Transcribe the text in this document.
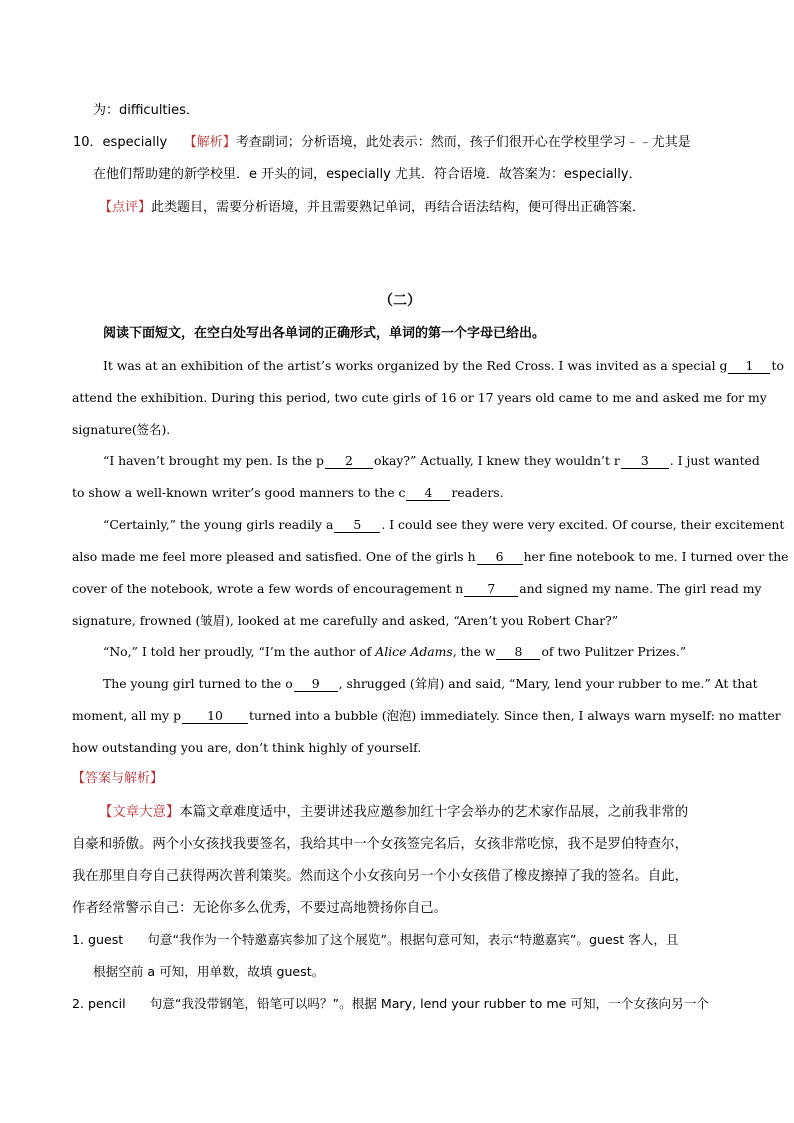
为：difficulties．
10．especially 【解析】考查副词；分析语境，此处表示：然而，孩子们很开心在学校里学习﹣﹣尤其是
在他们帮助建的新学校里．e 开头的词，especially 尤其．符合语境．故答案为：especially．
【点评】此类题目，需要分析语境，并且需要熟记单词，再结合语法结构，便可得出正确答案．
（二）
阅读下面短文，在空白处写出各单词的正确形式，单词的第一个字母已给出。
It was at an exhibition of the artist’s works organized by the Red Cross. I was invited as a special g 1 to
attend the exhibition. During this period, two cute girls of 16 or 17 years old came to me and asked me for my
signature(签名).
“I haven’t brought my pen. Is the p 2 okay?” Actually, I knew they wouldn’t r 3 . I just wanted
to show a well-known writer’s good manners to the c 4 readers.
“Certainly,” the young girls readily a 5 . I could see they were very excited. Of course, their excitement
also made me feel more pleased and satisfied. One of the girls h 6 her fine notebook to me. I turned over the
cover of the notebook, wrote a few words of encouragement n 7 and signed my name. The girl read my
signature, frowned (皱眉), looked at me carefully and asked, “Aren’t you Robert Char?”
“No,” I told her proudly, “I’m the author of Alice Adams, the w 8 of two Pulitzer Prizes.”
The young girl turned to the o 9 , shrugged (耸肩) and said, “Mary, lend your rubber to me.” At that
moment, all my p 10 turned into a bubble (泡泡) immediately. Since then, I always warn myself: no matter
how outstanding you are, don’t think highly of yourself.
【答案与解析】
【文章大意】本篇文章难度适中，主要讲述我应邀参加红十字会举办的艺术家作品展，之前我非常的
自豪和骄傲。两个小女孩找我要签名，我给其中一个女孩签完名后，女孩非常吃惊，我不是罗伯特查尔，
我在那里自夸自己获得两次普利策奖。然而这个小女孩向另一个小女孩借了橡皮擦掉了我的签名。自此，
作者经常警示自己：无论你多么优秀，不要过高地赞扬你自己。
1. guest 句意“我作为一个特邀嘉宾参加了这个展览”。根据句意可知，表示“特邀嘉宾”。guest 客人，且
根据空前 a 可知，用单数，故填 guest。
2. pencil 句意“我没带钢笔，铅笔可以吗？”。根据 Mary, lend your rubber to me 可知，一个女孩向另一个
